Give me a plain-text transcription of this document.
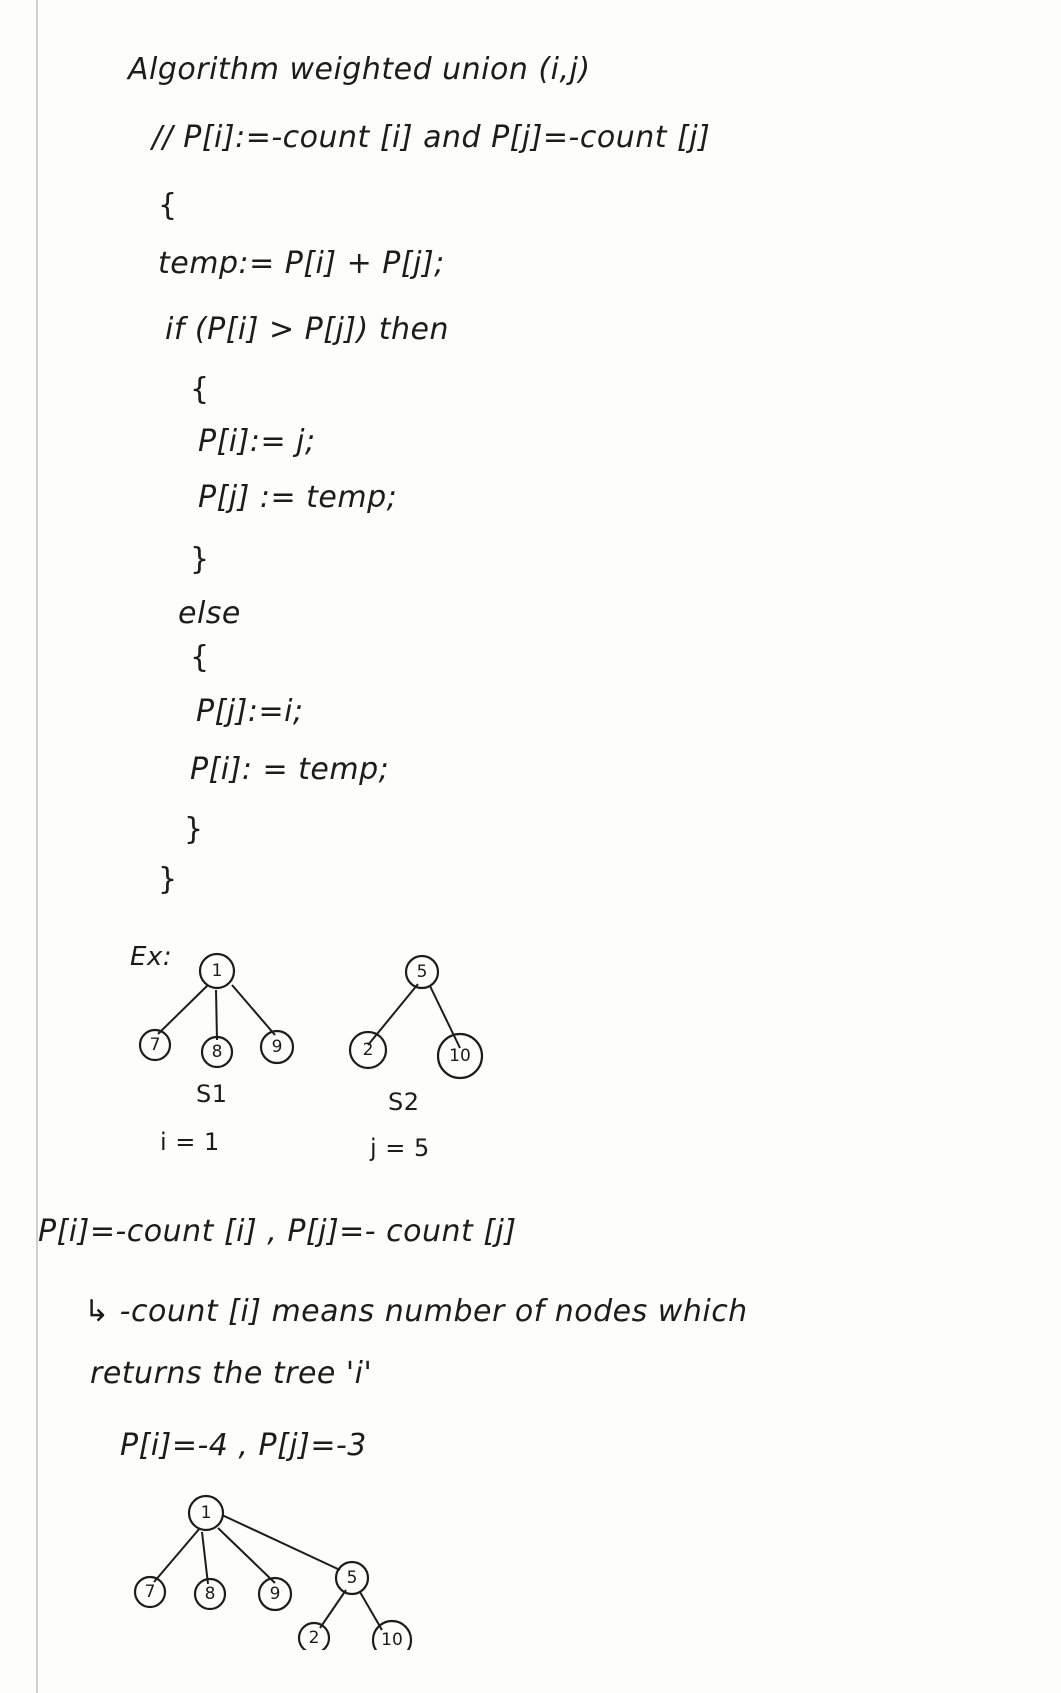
Algorithm weighted union (i,j)
// P[i]:=-count [i] and P[j]=-count [j]
{
temp:= P[i] + P[j];
if (P[i] > P[j]) then
{
P[i]:= j;
P[j] := temp;
}
else
{
P[j]:=i;
P[i]: = temp;
}
}
Ex: 1
7	8	9
5
2	10
S1	S2
i = 1	j = 5
P[i]=-count [i] , P[j]=- count [j]
↳ -count [i] means number of nodes which
returns the tree 'i'
P[i]=-4 , P[j]=-3
1
7	8	9
5
2	10
